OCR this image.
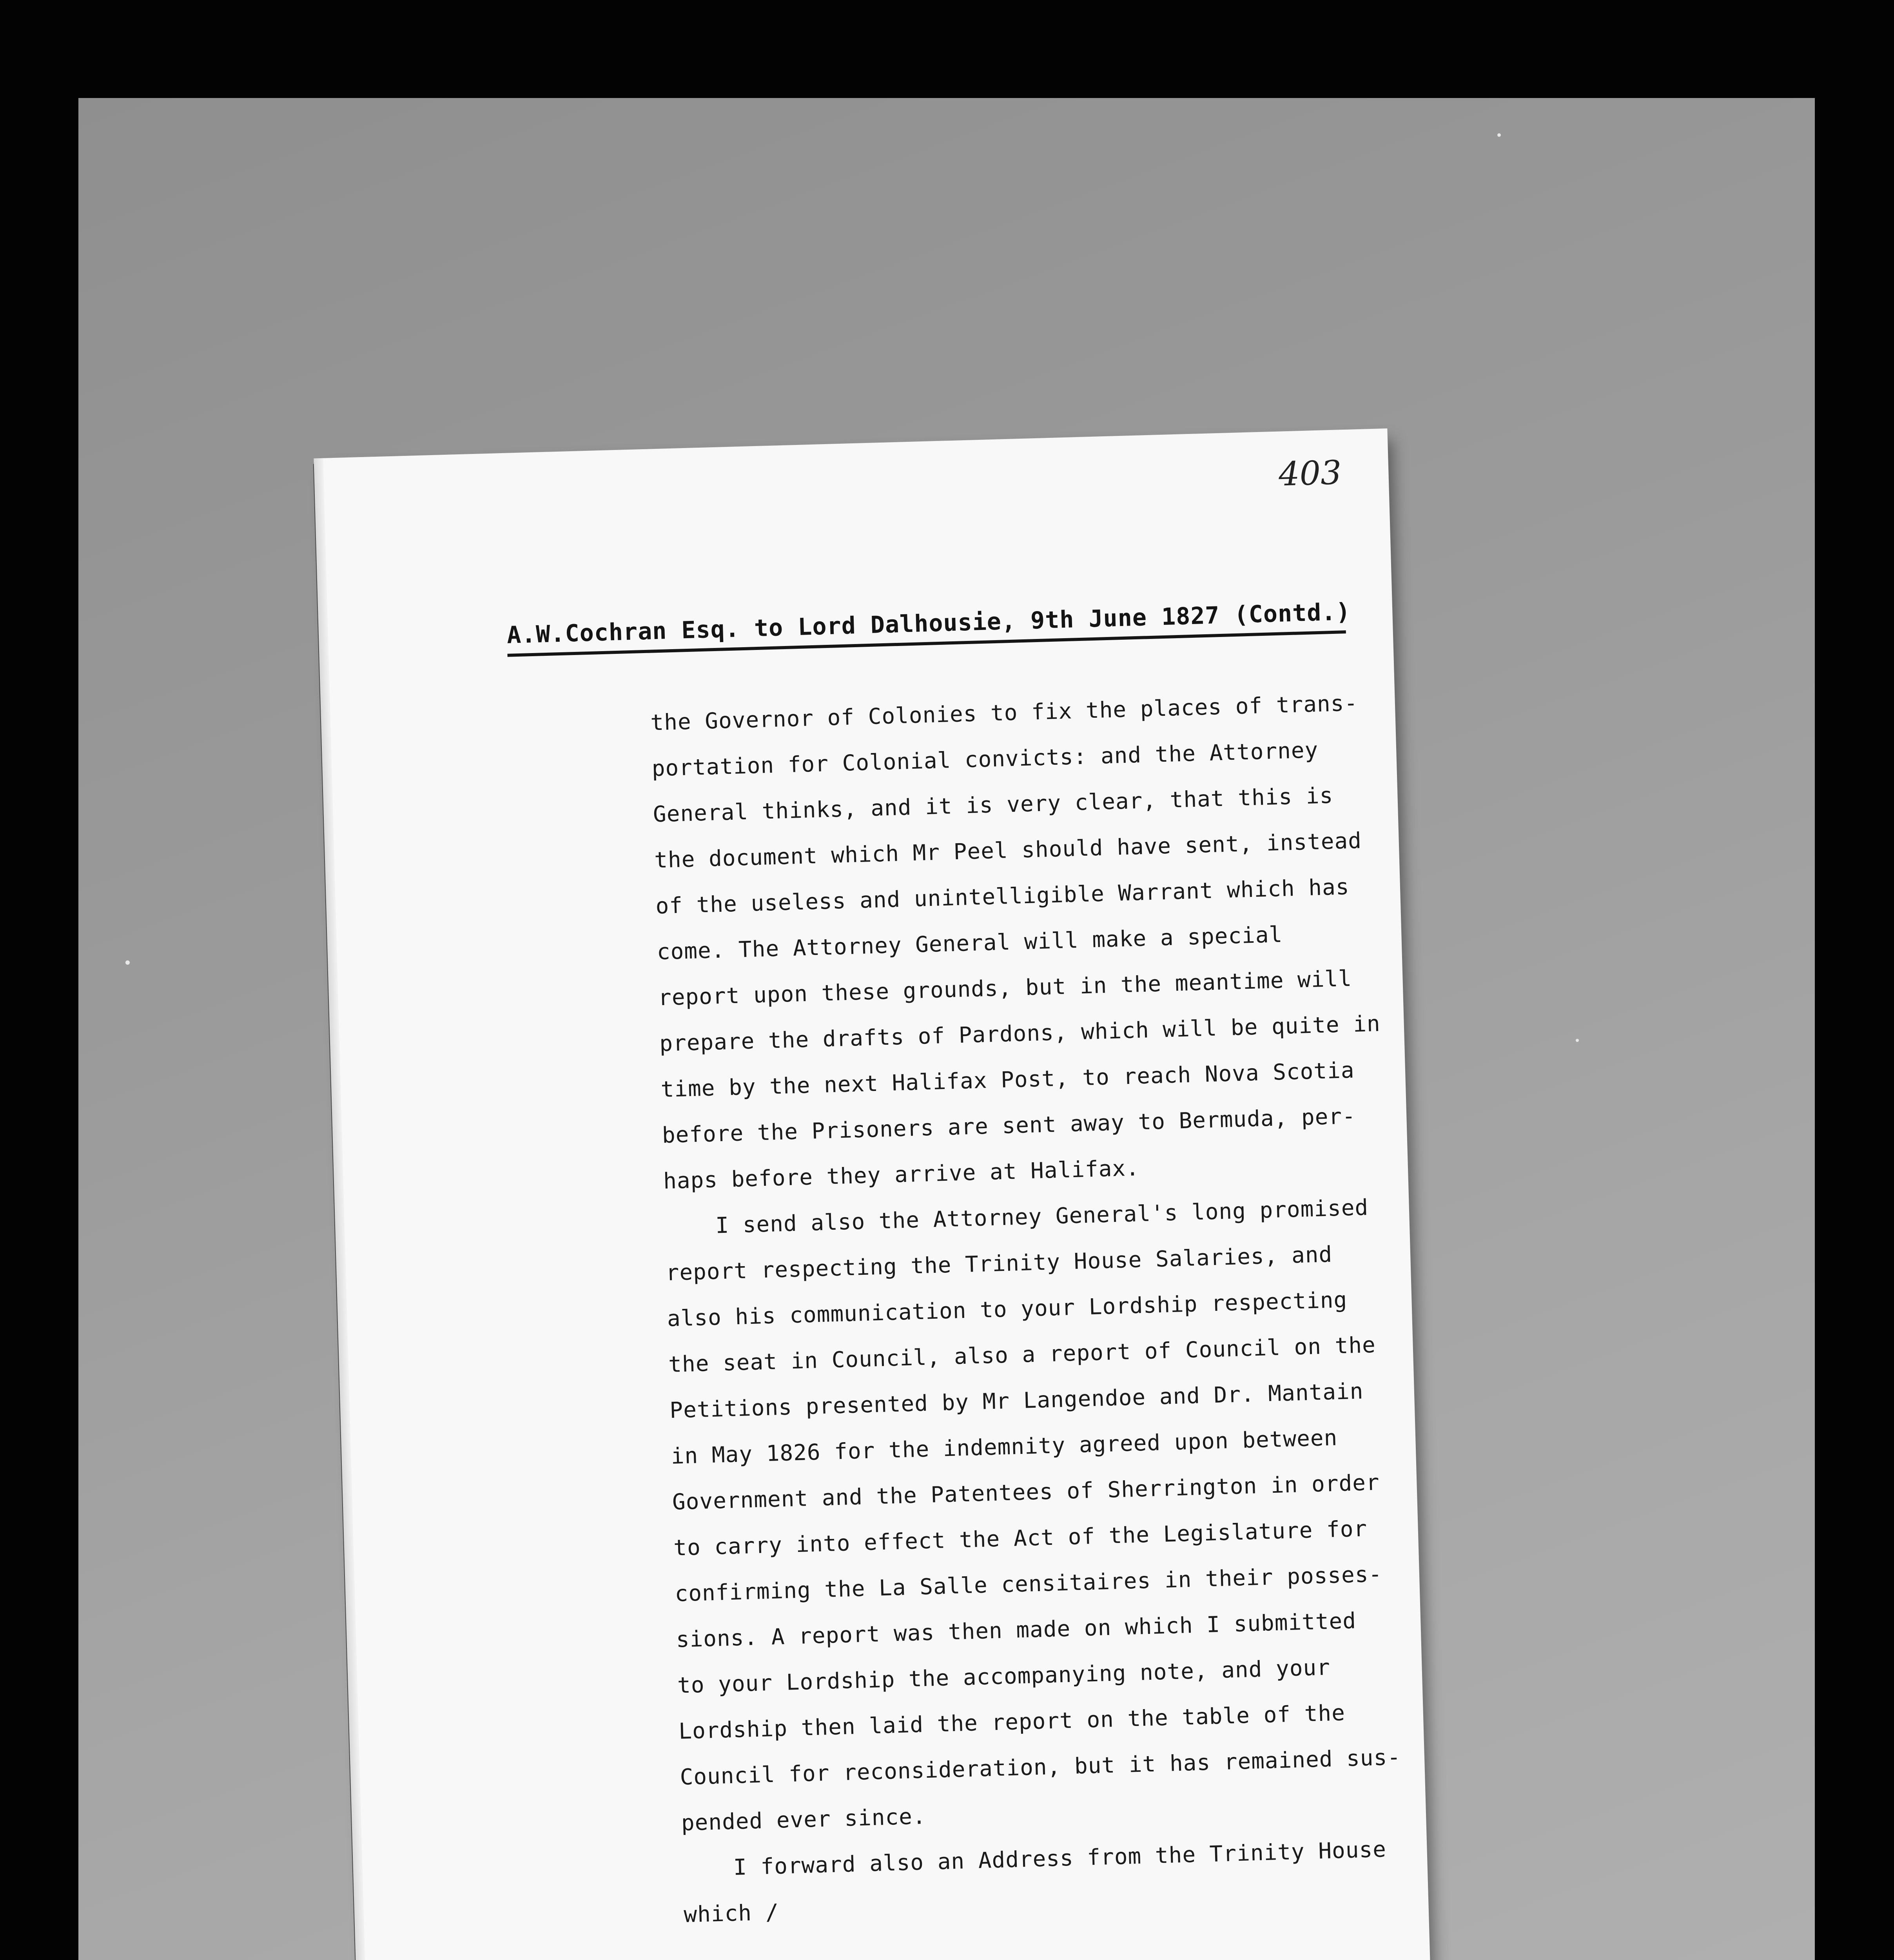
403
A.W.Cochran Esq. to Lord Dalhousie, 9th June 1827 (Contd.)
the Governor of Colonies to fix the places of trans-
portation for Colonial convicts: and the Attorney
General thinks, and it is very clear, that this is
the document which Mr Peel should have sent, instead
of the useless and unintelligible Warrant which has
come. The Attorney General will make a special
report upon these grounds, but in the meantime will
prepare the drafts of Pardons, which will be quite in
time by the next Halifax Post, to reach Nova Scotia
before the Prisoners are sent away to Bermuda, per-
haps before they arrive at Halifax.
I send also the Attorney General's long promised
report respecting the Trinity House Salaries, and
also his communication to your Lordship respecting
the seat in Council, also a report of Council on the
Petitions presented by Mr Langendoe and Dr. Mantain
in May 1826 for the indemnity agreed upon between
Government and the Patentees of Sherrington in order
to carry into effect the Act of the Legislature for
confirming the La Salle censitaires in their posses-
sions. A report was then made on which I submitted
to your Lordship the accompanying note, and your
Lordship then laid the report on the table of the
Council for reconsideration, but it has remained sus-
pended ever since.
I forward also an Address from the Trinity House
which /
